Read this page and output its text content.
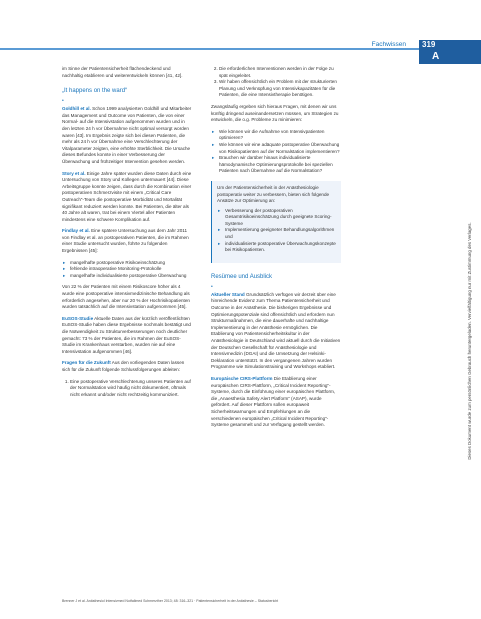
Fachwissen 319
A

im Sinne der Patientensicherheit flächendeckend und nachhaltig etablieren und weiterentwickeln können [41, 42].

„It happens on the ward“
•

Goldhill et al. Schon 1999 analysierten Goldhill und Mitarbeiter das Management und Outcome von Patienten, die von einer Normal- auf die Intensivstation aufgenommen wurden und in den letzten 24 h vor Übernahme nicht optimal versorgt worden waren [43]. Im Ergebnis zeigte sich bei diesen Patienten, die mehr als 24 h vor Übernahme eine Verschlechterung der Vitalparameter zeigten, eine erhöhte Sterblichkeit. Die Ursache dieses Befundes konnte in einer Verbesserung der Überwachung und frühzeitiger Intervention gesehen werden.

Story et al. Einige Jahre später wurden diese Daten durch eine Untersuchung von Story und Kollegen untermauert [44]. Diese Arbeitsgruppe konnte zeigen, dass durch die Kombination einer postoperativen Schmerzvisite mit einem „Critical Care Outreach“-Team die postoperative Morbidität und Mortalität signifikant reduziert werden konnte. Bei Patienten, die älter als 40 Jahre alt waren, trat bei einem Viertel aller Patienten mindestens eine schwere Komplikation auf.

Findlay et al. Eine spätere Untersuchung aus dem Jahr 2011 von Findlay et al. an postoperativen Patienten, die im Rahmen einer Studie untersucht wurden, führte zu folgenden Ergebnissen [45]:

▸ mangelhafte postoperative Risikoeinschätzung
▸ fehlende intraoperative Monitoring-Protokolle
▸ mangelhafte individualisierte postoperative Überwachung

Von 22 % der Patienten mit einem Risikoscore höher als 4 wurde eine postoperative intensivmedizinische Behandlung als erforderlich angesehen, aber nur 20 % der Hochrisikopatienten wurden tatsächlich auf die Intensivstation aufgenommen [45].

EuSOS-Studie Aktuelle Daten aus der kürzlich veröffentlichten EuSOS-Studie haben diese Ergebnisse nochmals bestätigt und die Notwendigkeit zu Strukturverbesserungen noch deutlicher gemacht: 73 % der Patienten, die im Rahmen der EuSOS-Studie im Krankenhaus verstarben, wurden nie auf eine Intensivstation aufgenommen [46].

Fragen für die Zukunft Aus den vorliegenden Daten lassen sich für die Zukunft folgende Schlussfolgerungen ableiten:

1. Eine postoperative Verschlechterung unseres Patienten auf der Normalstation wird häufig nicht dokumentiert, oftmals nicht erkannt und/oder nicht rechtzeitig kommuniziert.
2. Die erforderlichen Interventionen werden in der Folge zu spät eingeleitet.
3. Wir haben offensichtlich ein Problem mit der strukturierten Planung und Verknüpfung von Intensivkapazitäten für die Patienten, die eine Intensivtherapie benötigen.

Zwangsläufig ergeben sich hieraus Fragen, mit denen wir uns künftig dringend auseinandersetzen müssen, um Strategien zu entwickeln, die o.g. Probleme zu minimieren:

▸ Wie können wir die Aufnahme von Intensivpatienten optimieren?
▸ Wie können wir eine adäquate postoperative Überwachung von Risikopatienten auf der Normalstation implementieren?
▸ Brauchen wir darüber hinaus individualisierte hämodynamische Optimierungsprotokolle bei speziellen Patienten nach Übernahme auf die Normalstation?

Um der Patientensicherheit in der Anästhesiologie postoperativ weiter zu verbessern, bieten sich folgende Ansätze zur Optimierung an:

▸ Verbesserung der postoperativen Gesamtrisikoeinschätzung durch geeignete Scoring-Systeme
▸ Implementierung geeigneter Behandlungsalgorithmen und
▸ individualisierte postoperative Überwachungskonzepte bei Risikopatienten.
Resümee und Ausblick
•

Aktueller Stand Grundsätzlich verfügen wir derzeit über eine hinreichende Evidenz zum Thema Patientensicherheit und Outcome in der Anästhesie. Die bisherigen Ergebnisse und Optimierungspotenziale sind offensichtlich und erfordern nun Strukturmaßnahmen, die eine dauerhafte und nachhaltige Implementierung in der Anästhesie ermöglichen. Die Etablierung von Patientensicherheitskultur in der Anästhesiologie in Deutschland wird aktuell durch die Initiativen der Deutschen Gesellschaft für Anästhesiologie und Intensivmedizin (DGAI) und die Umsetzung der Helsinki-Deklaration unterstützt. In den vergangenen Jahren wurden Programme wie Simulationstraining und Workshops etabliert.

Europäische CIRS-Plattform Die Etablierung einer europäischen CIRS-Plattform, „Critical Incident Reporting“-Systeme, durch die Einführung einer europäischen Plattform, die „Anaesthesia Safety Alert Platform“ (ASAP), wurde gefördert. Auf dieser Plattform sollen europaweit Sicherheitswarnungen und Empfehlungen an die verschiedenen europäischen „Critical Incident Reporting“-Systeme gesammelt und zur Verfügung gestellt werden.	Dieses Dokument wurde zum persönlichen Gebrauch heruntergeladen. Vervielfältigung nur mit Zustimmung des Verlages.
Brenner J et al. Anästhesiol Intensivmed Notfallmed Schmerzther 2013; 48: 316–321 · Patientensicherheit in der Anästhesie – Statusbericht
